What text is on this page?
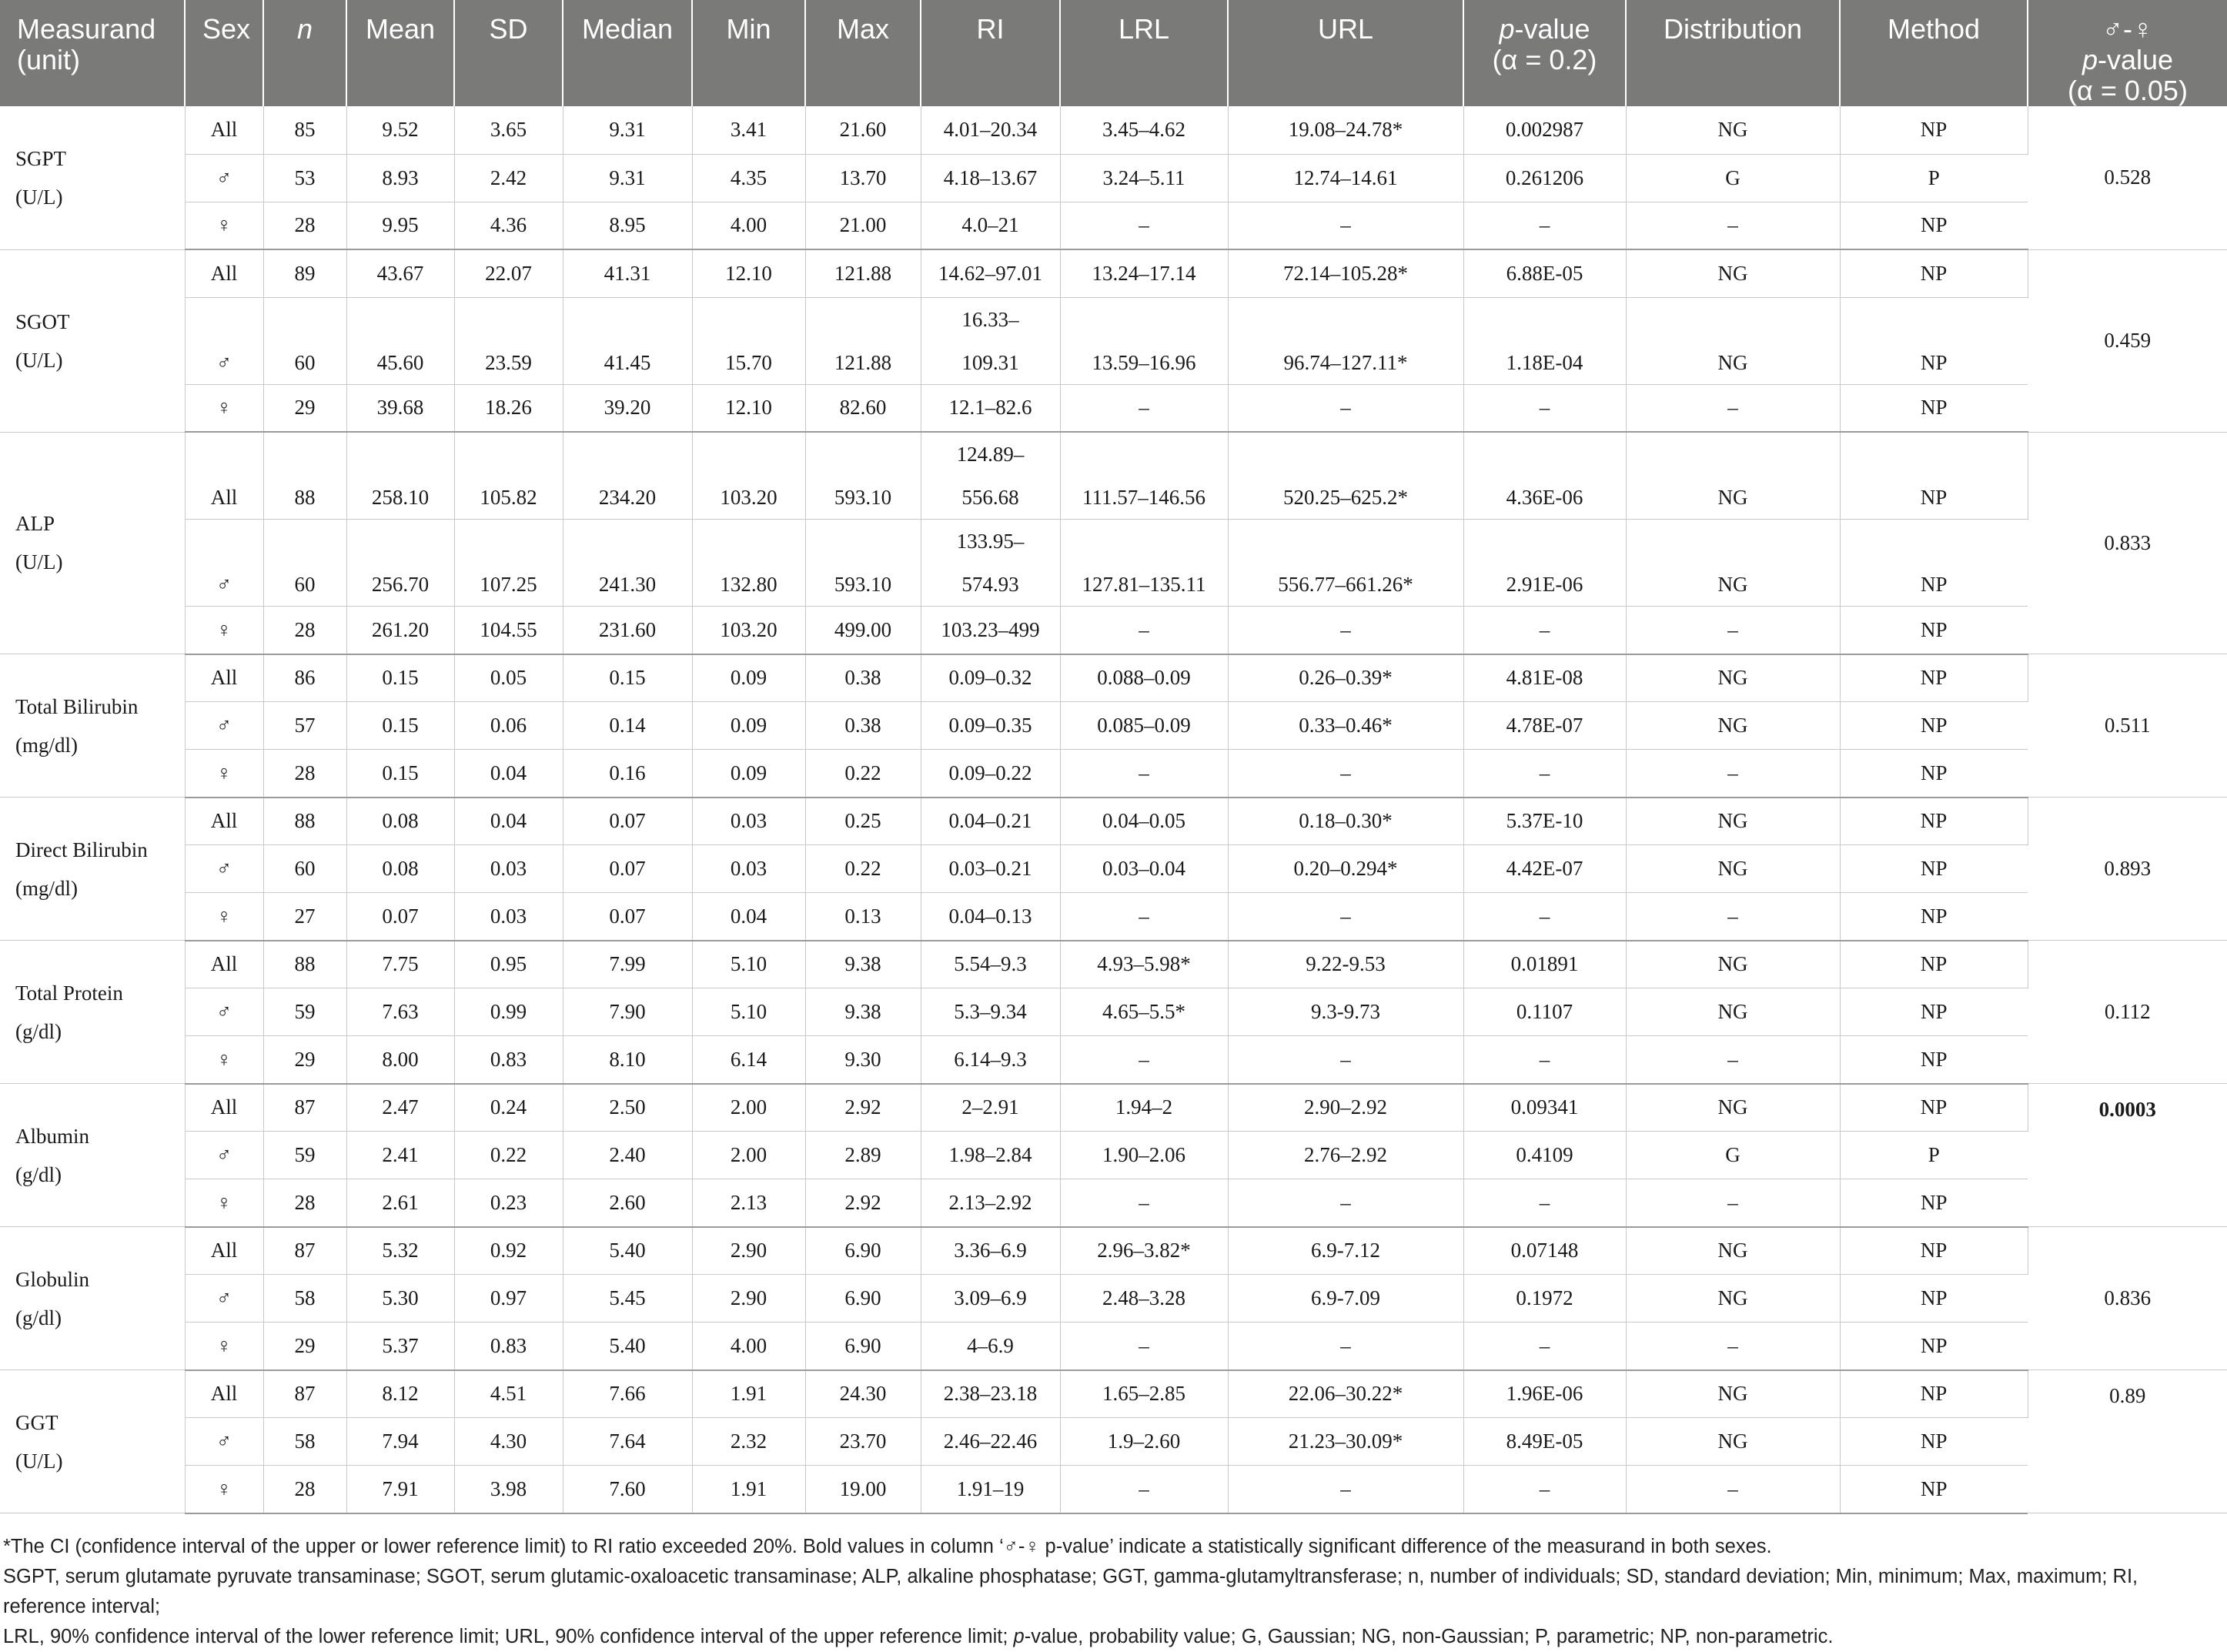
Measurand (unit)	Sex	n	Mean	SD	Median	Min	Max	RI	LRL	URL	p-value
(α = 0.2)	Distribution	Method	♂-♀
p-value
(α = 0.05)
SGPT
(U/L)	All	85	9.52	3.65	9.31	3.41	21.60	4.01–20.34	3.45–4.62	19.08–24.78*	0.002987	NG	NP	0.528
	♂	53	8.93	2.42	9.31	4.35	13.70	4.18–13.67	3.24–5.11	12.74–14.61	0.261206	G	P	
	♀	28	9.95	4.36	8.95	4.00	21.00	4.0–21	–	–	–	–	NP	
SGOT
(U/L)	All	89	43.67	22.07	41.31	12.10	121.88	14.62–97.01	13.24–17.14	72.14–105.28*	6.88E-05	NG	NP	0.459
	♂	60	45.60	23.59	41.45	15.70	121.88	16.33–
109.31	13.59–16.96	96.74–127.11*	1.18E-04	NG	NP	
	♀	29	39.68	18.26	39.20	12.10	82.60	12.1–82.6	–	–	–	–	NP	
ALP
(U/L)	All	88	258.10	105.82	234.20	103.20	593.10	124.89–
556.68	111.57–146.56	520.25–625.2*	4.36E-06	NG	NP	0.833
	♂	60	256.70	107.25	241.30	132.80	593.10	133.95–
574.93	127.81–135.11	556.77–661.26*	2.91E-06	NG	NP	
	♀	28	261.20	104.55	231.60	103.20	499.00	103.23–499	–	–	–	–	NP	
Total Bilirubin
(mg/dl)	All	86	0.15	0.05	0.15	0.09	0.38	0.09–0.32	0.088–0.09	0.26–0.39*	4.81E-08	NG	NP	0.511
	♂	57	0.15	0.06	0.14	0.09	0.38	0.09–0.35	0.085–0.09	0.33–0.46*	4.78E-07	NG	NP	
	♀	28	0.15	0.04	0.16	0.09	0.22	0.09–0.22	–	–	–	–	NP	
Direct Bilirubin
(mg/dl)	All	88	0.08	0.04	0.07	0.03	0.25	0.04–0.21	0.04–0.05	0.18–0.30*	5.37E-10	NG	NP	0.893
	♂	60	0.08	0.03	0.07	0.03	0.22	0.03–0.21	0.03–0.04	0.20–0.294*	4.42E-07	NG	NP	
	♀	27	0.07	0.03	0.07	0.04	0.13	0.04–0.13	–	–	–	–	NP	
Total Protein
(g/dl)	All	88	7.75	0.95	7.99	5.10	9.38	5.54–9.3	4.93–5.98*	9.22-9.53	0.01891	NG	NP	0.112
	♂	59	7.63	0.99	7.90	5.10	9.38	5.3–9.34	4.65–5.5*	9.3-9.73	0.1107	NG	NP	
	♀	29	8.00	0.83	8.10	6.14	9.30	6.14–9.3	–	–	–	–	NP	
Albumin
(g/dl)	All	87	2.47	0.24	2.50	2.00	2.92	2–2.91	1.94–2	2.90–2.92	0.09341	NG	NP	0.0003
	♂	59	2.41	0.22	2.40	2.00	2.89	1.98–2.84	1.90–2.06	2.76–2.92	0.4109	G	P	
	♀	28	2.61	0.23	2.60	2.13	2.92	2.13–2.92	–	–	–	–	NP	
Globulin
(g/dl)	All	87	5.32	0.92	5.40	2.90	6.90	3.36–6.9	2.96–3.82*	6.9-7.12	0.07148	NG	NP	0.836
	♂	58	5.30	0.97	5.45	2.90	6.90	3.09–6.9	2.48–3.28	6.9-7.09	0.1972	NG	NP	
	♀	29	5.37	0.83	5.40	4.00	6.90	4–6.9	–	–	–	–	NP	
GGT
(U/L)	All	87	8.12	4.51	7.66	1.91	24.30	2.38–23.18	1.65–2.85	22.06–30.22*	1.96E-06	NG	NP	0.89
	♂	58	7.94	4.30	7.64	2.32	23.70	2.46–22.46	1.9–2.60	21.23–30.09*	8.49E-05	NG	NP	
	♀	28	7.91	3.98	7.60	1.91	19.00	1.91–19	–	–	–	–	NP	

*The CI (confidence interval of the upper or lower reference limit) to RI ratio exceeded 20%. Bold values in column ‘♂-♀ p-value’ indicate a statistically significant difference of the measurand in both sexes.

SGPT, serum glutamate pyruvate transaminase; SGOT, serum glutamic-oxaloacetic transaminase; ALP, alkaline phosphatase; GGT, gamma-glutamyltransferase; n, number of individuals; SD, standard deviation; Min, minimum; Max, maximum; RI, reference interval;

LRL, 90% confidence interval of the lower reference limit; URL, 90% confidence interval of the upper reference limit; p-value, probability value; G, Gaussian; NG, non-Gaussian; P, parametric; NP, non-parametric.
